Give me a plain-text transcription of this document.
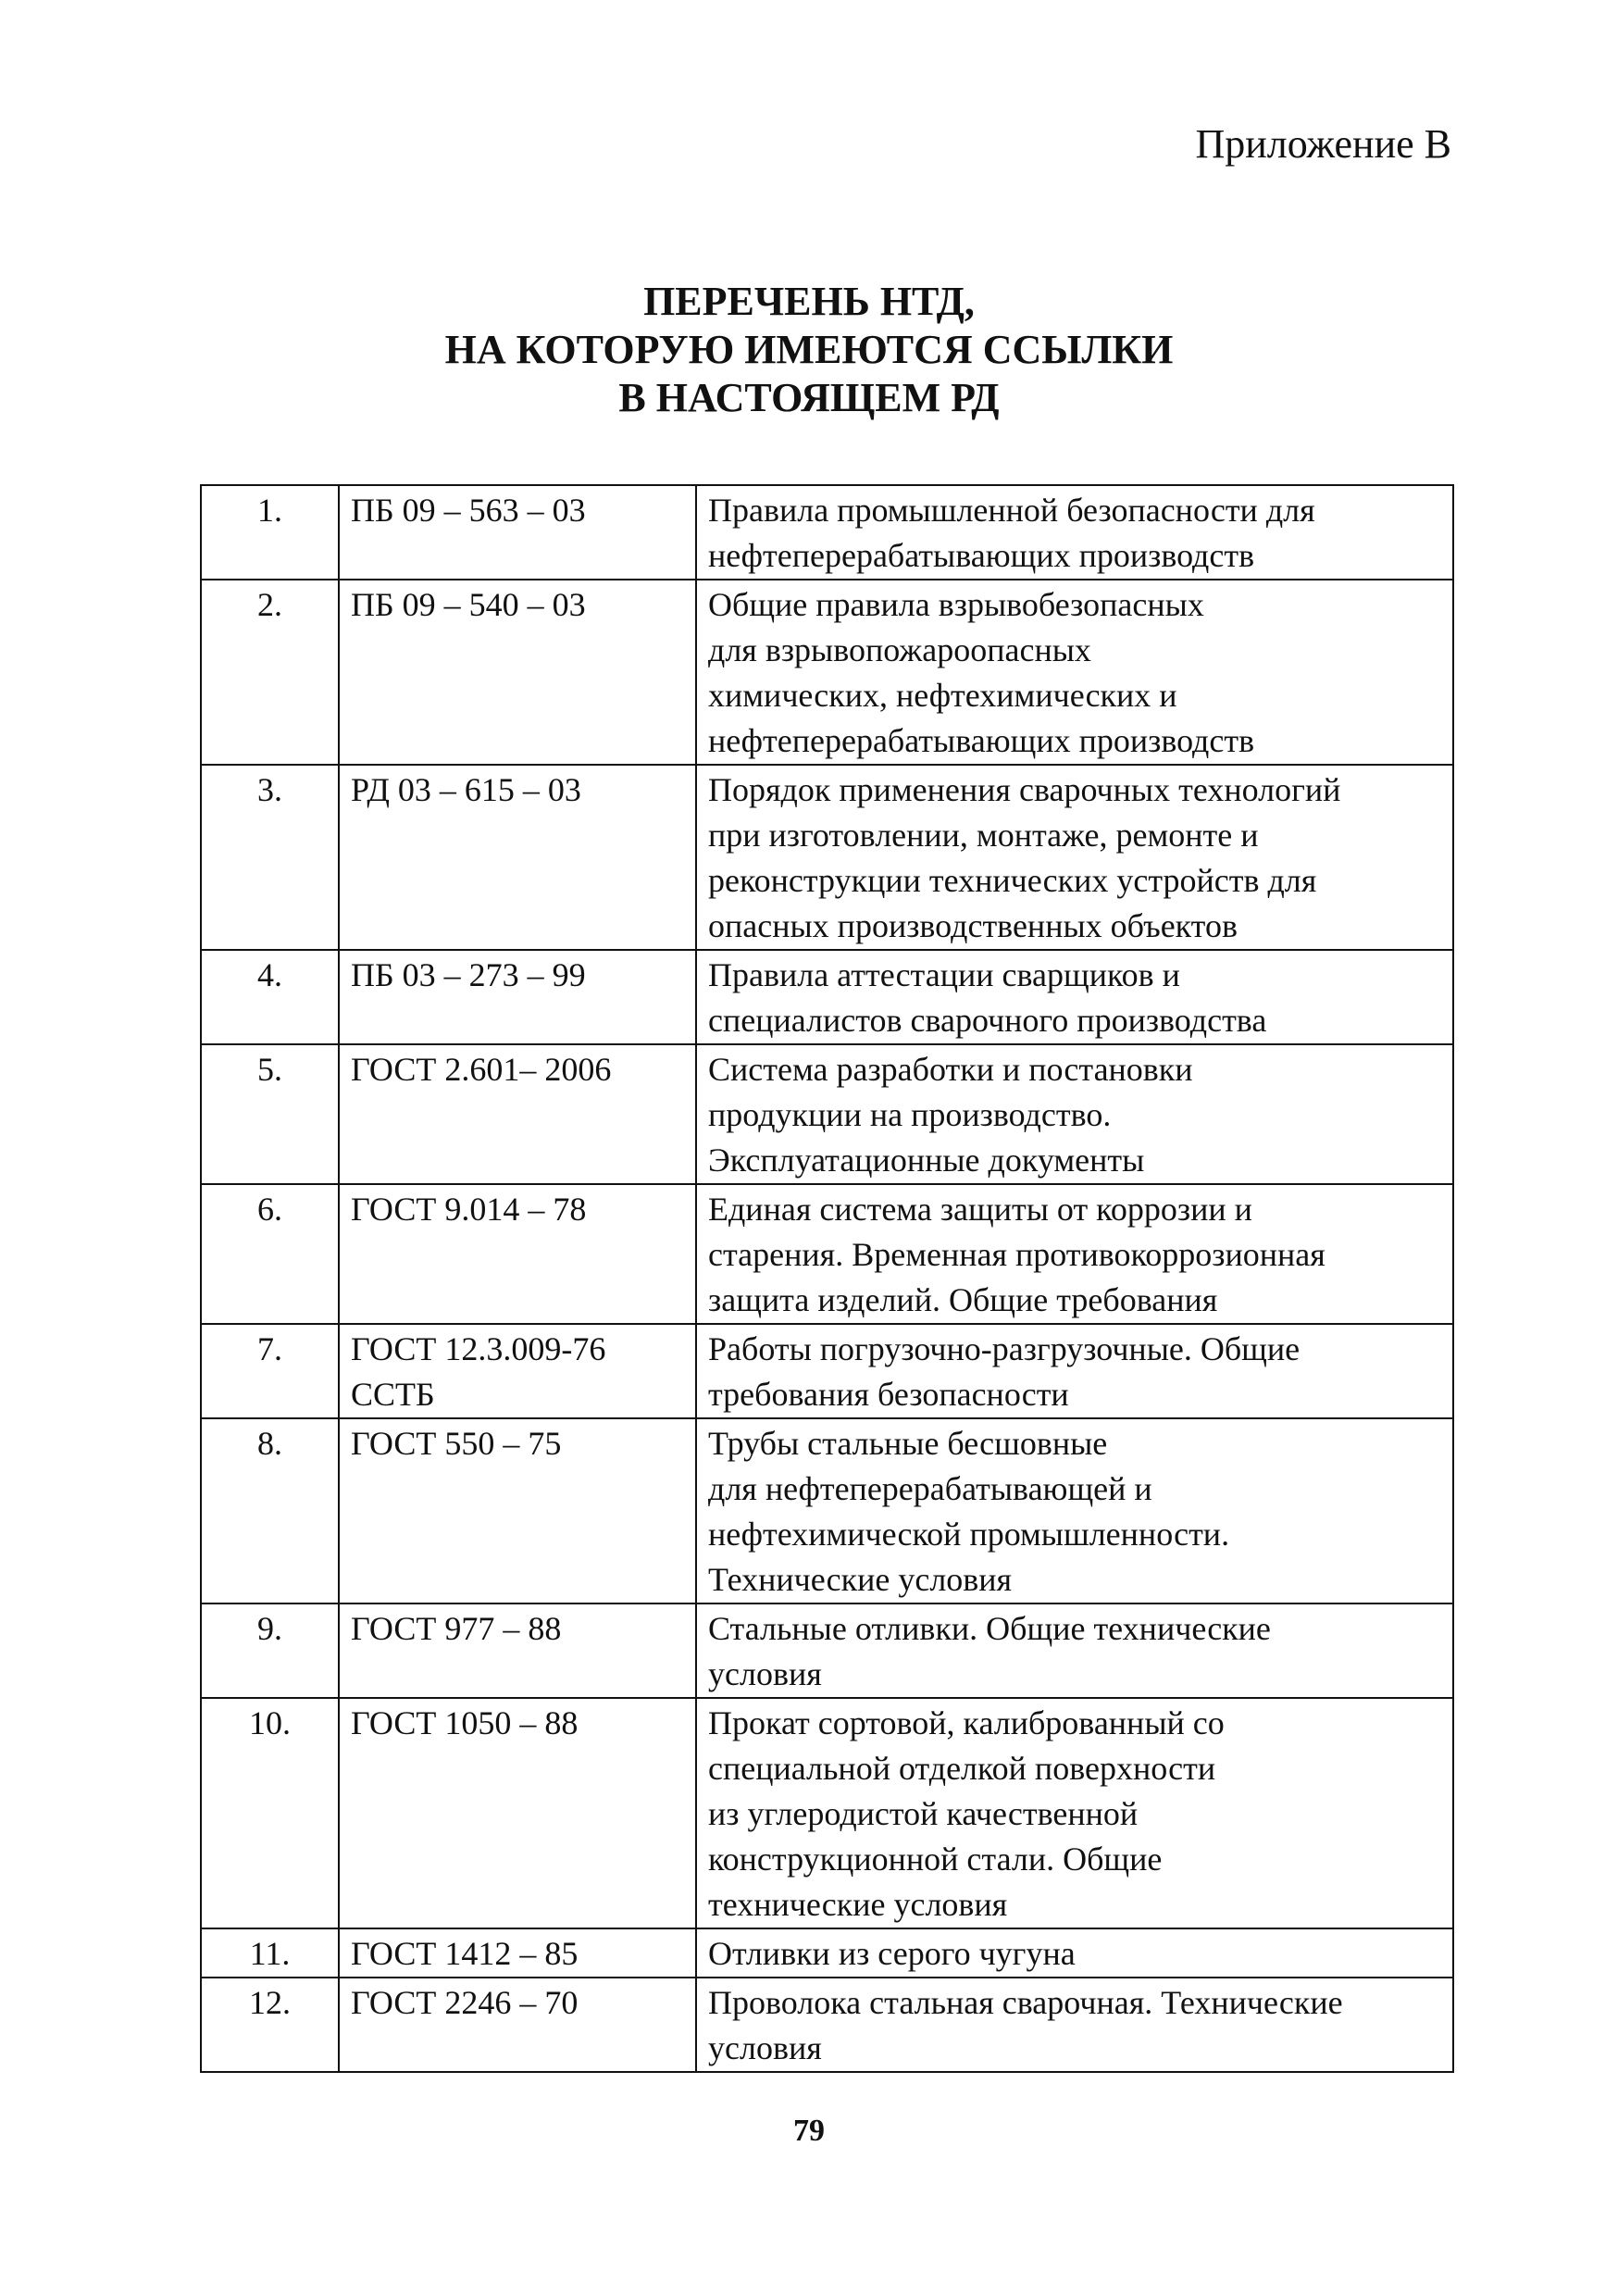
Приложение В
ПЕРЕЧЕНЬ НТД,
НА КОТОРУЮ ИМЕЮТСЯ ССЫЛКИ
В НАСТОЯЩЕМ РД
1.	ПБ 09 – 563 – 03	Правила промышленной безопасности для
нефтеперерабатывающих производств

2.	ПБ 09 – 540 – 03	Общие правила взрывобезопасных
для взрывопожароопасных
химических, нефтехимических и
нефтеперерабатывающих производств

3.	РД 03 – 615 – 03	Порядок применения сварочных технологий
при изготовлении, монтаже, ремонте и
реконструкции технических устройств для
опасных производственных объектов

4.	ПБ 03 – 273 – 99	Правила аттестации сварщиков и
специалистов сварочного производства

5.	ГОСТ 2.601– 2006	Система разработки и постановки
продукции на производство.
Эксплуатационные документы

6.	ГОСТ 9.014 – 78	Единая система защиты от коррозии и
старения. Временная противокоррозионная
защита изделий. Общие требования

7.	ГОСТ 12.3.009-76
ССТБ	Работы погрузочно-разгрузочные. Общие
требования безопасности

8.	ГОСТ 550 – 75	Трубы стальные бесшовные
для нефтеперерабатывающей и
нефтехимической промышленности.
Технические условия

9.	ГОСТ 977 – 88	Стальные отливки. Общие технические
условия

10.	ГОСТ 1050 – 88	Прокат сортовой, калиброванный со
специальной отделкой поверхности
из углеродистой качественной
конструкционной стали. Общие
технические условия

11.	ГОСТ 1412 – 85	Отливки из серого чугуна

12.	ГОСТ 2246 – 70	Проволока стальная сварочная. Технические
условия
79
